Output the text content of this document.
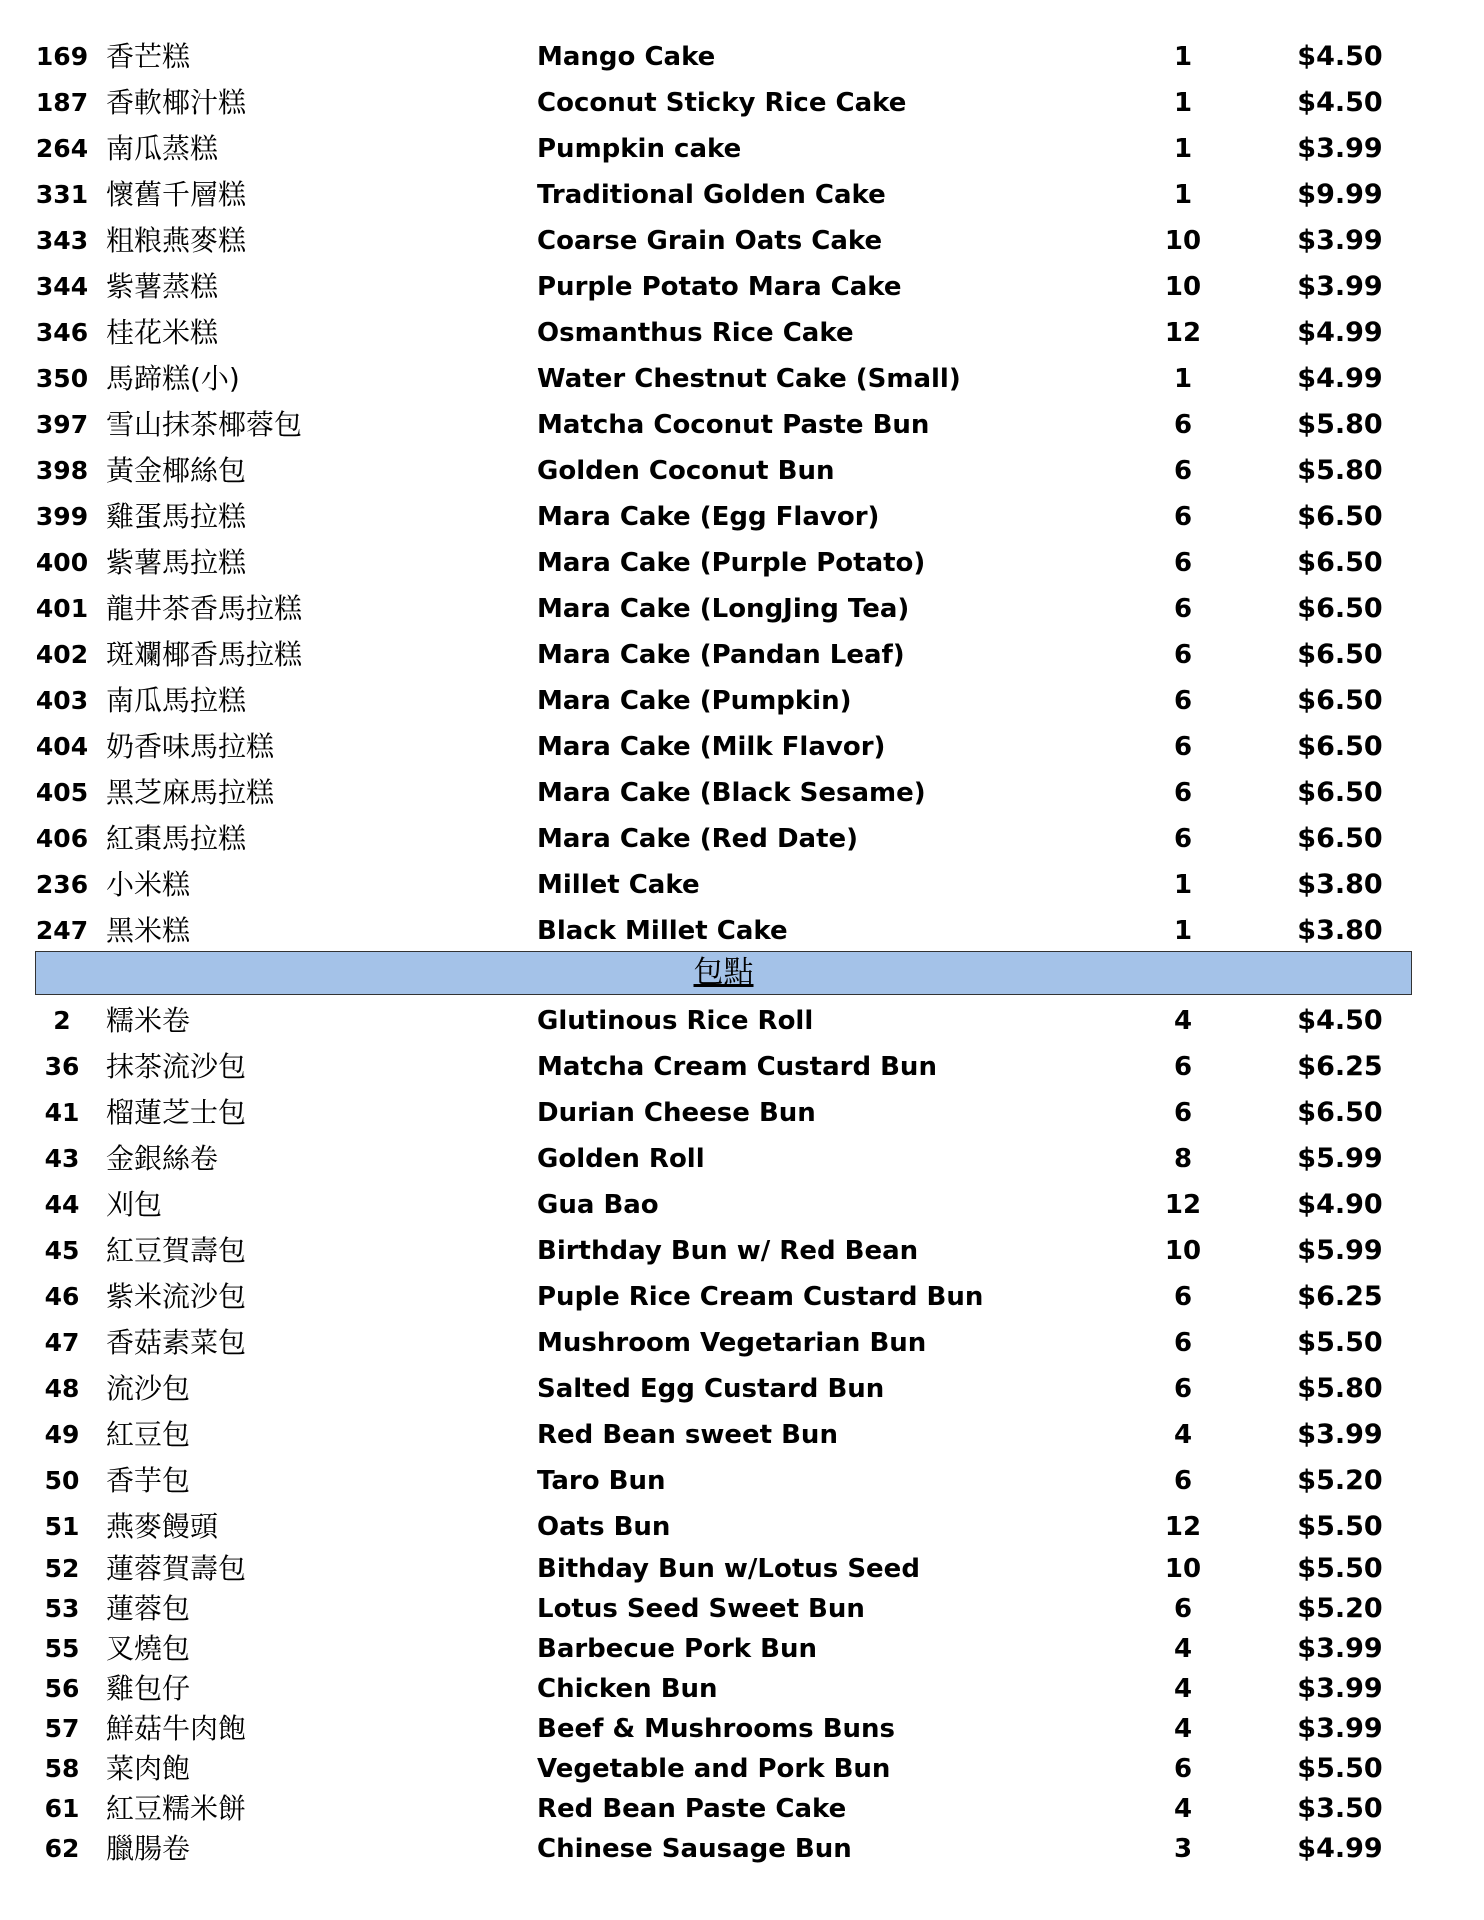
169 香芒糕	Mango Cake	1	$4.50
187 香軟椰汁糕	Coconut Sticky Rice Cake	1	$4.50
264 南瓜蒸糕	Pumpkin cake	1	$3.99
331 懷舊千層糕	Traditional Golden Cake	1	$9.99
343 粗粮燕麥糕	Coarse Grain Oats Cake	10	$3.99
344 紫薯蒸糕	Purple Potato Mara Cake	10	$3.99
346 桂花米糕	Osmanthus Rice Cake	12	$4.99
350 馬蹄糕(小)	Water Chestnut Cake (Small)	1	$4.99
397 雪山抹茶椰蓉包	Matcha Coconut Paste Bun	6	$5.80
398 黃金椰絲包	Golden Coconut Bun	6	$5.80
399 雞蛋馬拉糕	Mara Cake (Egg Flavor)	6	$6.50
400 紫薯馬拉糕	Mara Cake (Purple Potato)	6	$6.50
401 龍井茶香馬拉糕	Mara Cake (LongJing Tea)	6	$6.50
402 斑斕椰香馬拉糕	Mara Cake (Pandan Leaf)	6	$6.50
403 南瓜馬拉糕	Mara Cake (Pumpkin)	6	$6.50
404 奶香味馬拉糕	Mara Cake (Milk Flavor)	6	$6.50
405 黑芝麻馬拉糕	Mara Cake (Black Sesame)	6	$6.50
406 紅棗馬拉糕	Mara Cake (Red Date)	6	$6.50
236 小米糕	Millet Cake	1	$3.80
247 黑米糕	Black Millet Cake	1	$3.80
包點
2	糯米卷	Glutinous Rice Roll	4	$4.50
36 抹茶流沙包	Matcha Cream Custard Bun	6	$6.25
41 榴蓮芝士包	Durian Cheese Bun	6	$6.50
43 金銀絲卷	Golden Roll	8	$5.99
44 刈包	Gua Bao	12	$4.90
45 紅豆賀壽包	Birthday Bun w/ Red Bean	10	$5.99
46 紫米流沙包	Puple Rice Cream Custard Bun	6	$6.25
47 香菇素菜包	Mushroom Vegetarian Bun	6	$5.50
48 流沙包	Salted Egg Custard Bun	6	$5.80
49 紅豆包	Red Bean sweet Bun	4	$3.99
50 香芋包	Taro Bun	6	$5.20
51 燕麥饅頭	Oats Bun	12	$5.50
52 蓮蓉賀壽包	Bithday Bun w/Lotus Seed	10	$5.50
53 蓮蓉包	Lotus Seed Sweet Bun	6	$5.20
55 叉燒包	Barbecue Pork Bun	4	$3.99
56 雞包仔	Chicken Bun	4	$3.99
57 鮮菇牛肉飽	Beef & Mushrooms Buns	4	$3.99
58 菜肉飽	Vegetable and Pork Bun	6	$5.50
61 紅豆糯米餅	Red Bean Paste Cake	4	$3.50
62 臘腸卷	Chinese Sausage Bun	3	$4.99
